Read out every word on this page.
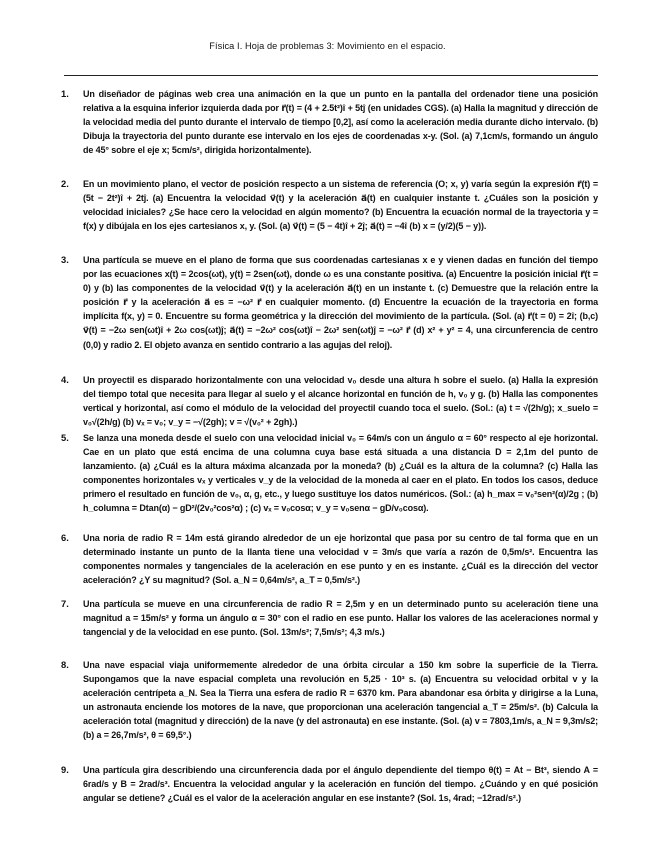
Física I. Hoja de problemas 3: Movimiento en el espacio.
1.	Un diseñador de páginas web crea una animación en la que un punto en la pantalla del ordenador tiene una posición relativa a la esquina inferior izquierda dada por r⃗(t) = (4 + 2.5t²)î + 5tĵ (en unidades CGS). (a) Halla la magnitud y dirección de la velocidad media del punto durante el intervalo de tiempo [0,2], así como la aceleración media durante dicho intervalo. (b) Dibuja la trayectoria del punto durante ese intervalo en los ejes de coordenadas x-y. (Sol. (a) 7,1cm/s, formando un ángulo de 45° sobre el eje x; 5cm/s², dirigida horizontalmente).
2.	En un movimiento plano, el vector de posición respecto a un sistema de referencia (O; x, y) varía según la expresión r⃗(t) = (5t − 2t²)î + 2tĵ. (a) Encuentra la velocidad v⃗(t) y la aceleración a⃗(t) en cualquier instante t. ¿Cuáles son la posición y velocidad iniciales? ¿Se hace cero la velocidad en algún momento? (b) Encuentra la ecuación normal de la trayectoria y = f(x) y dibújala en los ejes cartesianos x, y. (Sol. (a) v⃗(t) = (5 − 4t)î + 2ĵ; a⃗(t) = −4î (b) x = (y/2)(5 − y)).
3.	Una partícula se mueve en el plano de forma que sus coordenadas cartesianas x e y vienen dadas en función del tiempo por las ecuaciones x(t) = 2cos(ωt), y(t) = 2sen(ωt), donde ω es una constante positiva. (a) Encuentre la posición inicial r⃗(t = 0) y (b) las componentes de la velocidad v⃗(t) y la aceleración a⃗(t) en un instante t. (c) Demuestre que la relación entre la posición r⃗ y la aceleración a⃗ es = −ω² r⃗ en cualquier momento. (d) Encuentre la ecuación de la trayectoria en forma implícita f(x, y) = 0. Encuentre su forma geométrica y la dirección del movimiento de la partícula. (Sol. (a) r⃗(t = 0) = 2î; (b,c) v⃗(t) = −2ω sen(ωt)î + 2ω cos(ωt)ĵ; a⃗(t) = −2ω² cos(ωt)î − 2ω² sen(ωt)ĵ = −ω² r⃗ (d) x² + y² = 4, una circunferencia de centro (0,0) y radio 2. El objeto avanza en sentido contrario a las agujas del reloj).
4.	Un proyectil es disparado horizontalmente con una velocidad v₀ desde una altura h sobre el suelo. (a) Halla la expresión del tiempo total que necesita para llegar al suelo y el alcance horizontal en función de h, v₀ y g. (b) Halla las componentes vertical y horizontal, así como el módulo de la velocidad del proyectil cuando toca el suelo. (Sol.: (a) t = √(2h/g); x_suelo = v₀√(2h/g) (b) vₓ = v₀; v_y = −√(2gh); v = √(v₀² + 2gh).)
5.	Se lanza una moneda desde el suelo con una velocidad inicial v₀ = 64m/s con un ángulo α = 60° respecto al eje horizontal. Cae en un plato que está encima de una columna cuya base está situada a una distancia D = 2,1m del punto de lanzamiento. (a) ¿Cuál es la altura máxima alcanzada por la moneda? (b) ¿Cuál es la altura de la columna? (c) Halla las componentes horizontales vₓ y verticales v_y de la velocidad de la moneda al caer en el plato. En todos los casos, deduce primero el resultado en función de v₀, α, g, etc., y luego sustituye los datos numéricos. (Sol.: (a) h_max = v₀²sen²(α)/2g ; (b) h_columna = Dtan(α) − gD²/(2v₀²cos²α) ; (c) vₓ = v₀cosα; v_y = v₀senα − gD/v₀cosα).
6.	Una noria de radio R = 14m está girando alrededor de un eje horizontal que pasa por su centro de tal forma que en un determinado instante un punto de la llanta tiene una velocidad v = 3m/s que varía a razón de 0,5m/s². Encuentra las componentes normales y tangenciales de la aceleración en ese punto y en es instante. ¿Cuál es la dirección del vector aceleración? ¿Y su magnitud? (Sol. a_N = 0,64m/s², a_T = 0,5m/s².)
7.	Una partícula se mueve en una circunferencia de radio R = 2,5m y en un determinado punto su aceleración tiene una magnitud a = 15m/s² y forma un ángulo α = 30° con el radio en ese punto. Hallar los valores de las aceleraciones normal y tangencial y de la velocidad en ese punto. (Sol. 13m/s²; 7,5m/s²; 4,3 m/s.)
8.	Una nave espacial viaja uniformemente alrededor de una órbita circular a 150 km sobre la superficie de la Tierra. Supongamos que la nave espacial completa una revolución en 5,25 · 10³ s. (a) Encuentra su velocidad orbital v y la aceleración centrípeta a_N. Sea la Tierra una esfera de radio R = 6370 km. Para abandonar esa órbita y dirigirse a la Luna, un astronauta enciende los motores de la nave, que proporcionan una aceleración tangencial a_T = 25m/s². (b) Calcula la aceleración total (magnitud y dirección) de la nave (y del astronauta) en ese instante. (Sol. (a) v = 7803,1m/s, a_N = 9,3m/s2; (b) a = 26,7m/s², θ = 69,5°.)
9.	Una partícula gira describiendo una circunferencia dada por el ángulo dependiente del tiempo θ(t) = At − Bt³, siendo A = 6rad/s y B = 2rad/s³. Encuentra la velocidad angular y la aceleración en función del tiempo. ¿Cuándo y en qué posición angular se detiene? ¿Cuál es el valor de la aceleración angular en ese instante? (Sol. 1s, 4rad; −12rad/s².)
